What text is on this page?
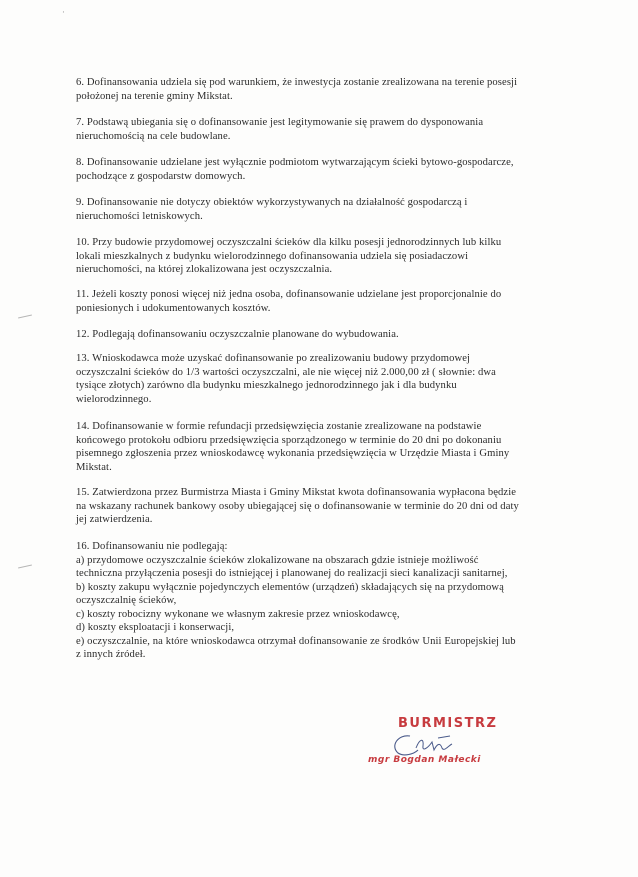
·
6. Dofinansowania udziela się pod warunkiem, że inwestycja zostanie zrealizowana na terenie posesji
położonej na terenie gminy Mikstat.
7. Podstawą ubiegania się o dofinansowanie jest legitymowanie się prawem do dysponowania
nieruchomością na cele budowlane.
8. Dofinansowanie udzielane jest wyłącznie podmiotom wytwarzającym ścieki bytowo-gospodarcze,
pochodzące z gospodarstw domowych.
9. Dofinansowanie nie dotyczy obiektów wykorzystywanych na działalność gospodarczą i
nieruchomości letniskowych.
10. Przy budowie przydomowej oczyszczalni ścieków dla kilku posesji jednorodzinnych lub kilku
lokali mieszkalnych z budynku wielorodzinnego dofinansowania udziela się posiadaczowi
nieruchomości, na której zlokalizowana jest oczyszczalnia.
11. Jeżeli koszty ponosi więcej niż jedna osoba, dofinansowanie udzielane jest proporcjonalnie do
poniesionych i udokumentowanych kosztów.
12. Podlegają dofinansowaniu oczyszczalnie planowane do wybudowania.
13. Wnioskodawca może uzyskać dofinansowanie po zrealizowaniu budowy przydomowej
oczyszczalni ścieków do 1/3 wartości oczyszczalni, ale nie więcej niż 2.000,00 zł ( słownie: dwa
tysiące złotych) zarówno dla budynku mieszkalnego jednorodzinnego jak i dla budynku
wielorodzinnego.
14. Dofinansowanie w formie refundacji przedsięwzięcia zostanie zrealizowane na podstawie
końcowego protokołu odbioru przedsięwzięcia sporządzonego w terminie do 20 dni po dokonaniu
pisemnego zgłoszenia przez wnioskodawcę wykonania przedsięwzięcia w Urzędzie Miasta i Gminy
Mikstat.
15. Zatwierdzona przez Burmistrza Miasta i Gminy Mikstat kwota dofinansowania wypłacona będzie
na wskazany rachunek bankowy osoby ubiegającej się o dofinansowanie w terminie do 20 dni od daty
jej zatwierdzenia.
16. Dofinansowaniu nie podlegają:
a) przydomowe oczyszczalnie ścieków zlokalizowane na obszarach gdzie istnieje możliwość
techniczna przyłączenia posesji do istniejącej i planowanej do realizacji sieci kanalizacji sanitarnej,
b) koszty zakupu wyłącznie pojedynczych elementów (urządzeń) składających się na przydomową
oczyszczalnię ścieków,
c) koszty robocizny wykonane we własnym zakresie przez wnioskodawcę,
d) koszty eksploatacji i konserwacji,
e) oczyszczalnie, na które wnioskodawca otrzymał dofinansowanie ze środków Unii Europejskiej lub
z innych źródeł.
BURMISTRZ
mgr Bogdan Małecki
